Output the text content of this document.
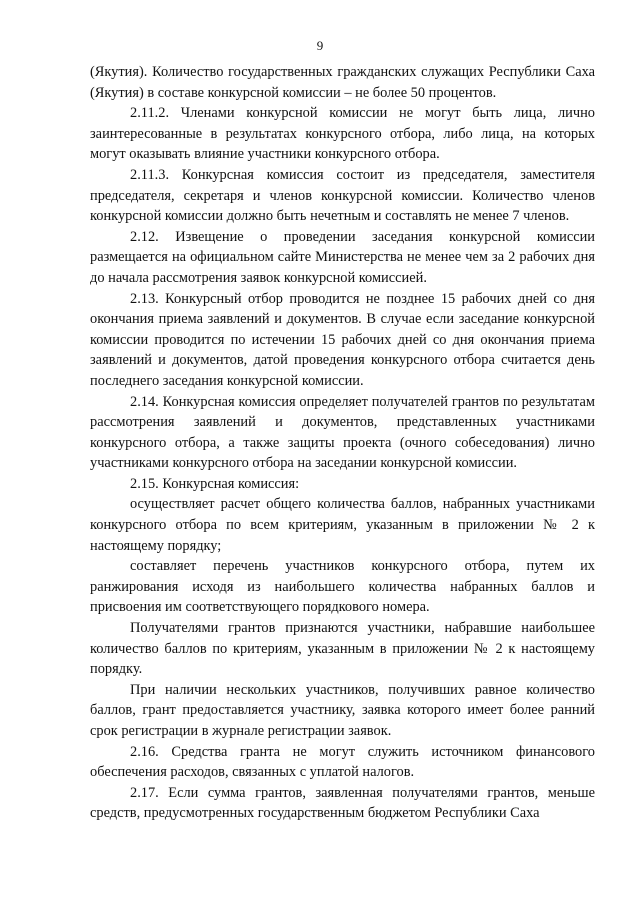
9

(Якутия). Количество государственных гражданских служащих Республики Саха (Якутия) в составе конкурсной комиссии – не более 50 процентов.

2.11.2. Членами конкурсной комиссии не могут быть лица, лично заинтересованные в результатах конкурсного отбора, либо лица, на которых могут оказывать влияние участники конкурсного отбора.

2.11.3. Конкурсная комиссия состоит из председателя, заместителя председателя, секретаря и членов конкурсной комиссии. Количество членов конкурсной комиссии должно быть нечетным и составлять не менее 7 членов.

2.12. Извещение о проведении заседания конкурсной комиссии размещается на официальном сайте Министерства не менее чем за 2 рабочих дня до начала рассмотрения заявок конкурсной комиссией.

2.13. Конкурсный отбор проводится не позднее 15 рабочих дней со дня окончания приема заявлений и документов. В случае если заседание конкурсной комиссии проводится по истечении 15 рабочих дней со дня окончания приема заявлений и документов, датой проведения конкурсного отбора считается день последнего заседания конкурсной комиссии.

2.14. Конкурсная комиссия определяет получателей грантов по результатам рассмотрения заявлений и документов, представленных участниками конкурсного отбора, а также защиты проекта (очного собеседования) лично участниками конкурсного отбора на заседании конкурсной комиссии.

2.15. Конкурсная комиссия:

осуществляет расчет общего количества баллов, набранных участниками конкурсного отбора по всем критериям, указанным в приложении № 2 к настоящему порядку;

составляет перечень участников конкурсного отбора, путем их ранжирования исходя из наибольшего количества набранных баллов и присвоения им соответствующего порядкового номера.

Получателями грантов признаются участники, набравшие наибольшее количество баллов по критериям, указанным в приложении № 2 к настоящему порядку.

При наличии нескольких участников, получивших равное количество баллов, грант предоставляется участнику, заявка которого имеет более ранний срок регистрации в журнале регистрации заявок.

2.16. Средства гранта не могут служить источником финансового обеспечения расходов, связанных с уплатой налогов.

2.17. Если сумма грантов, заявленная получателями грантов, меньше средств, предусмотренных государственным бюджетом Республики Саха
